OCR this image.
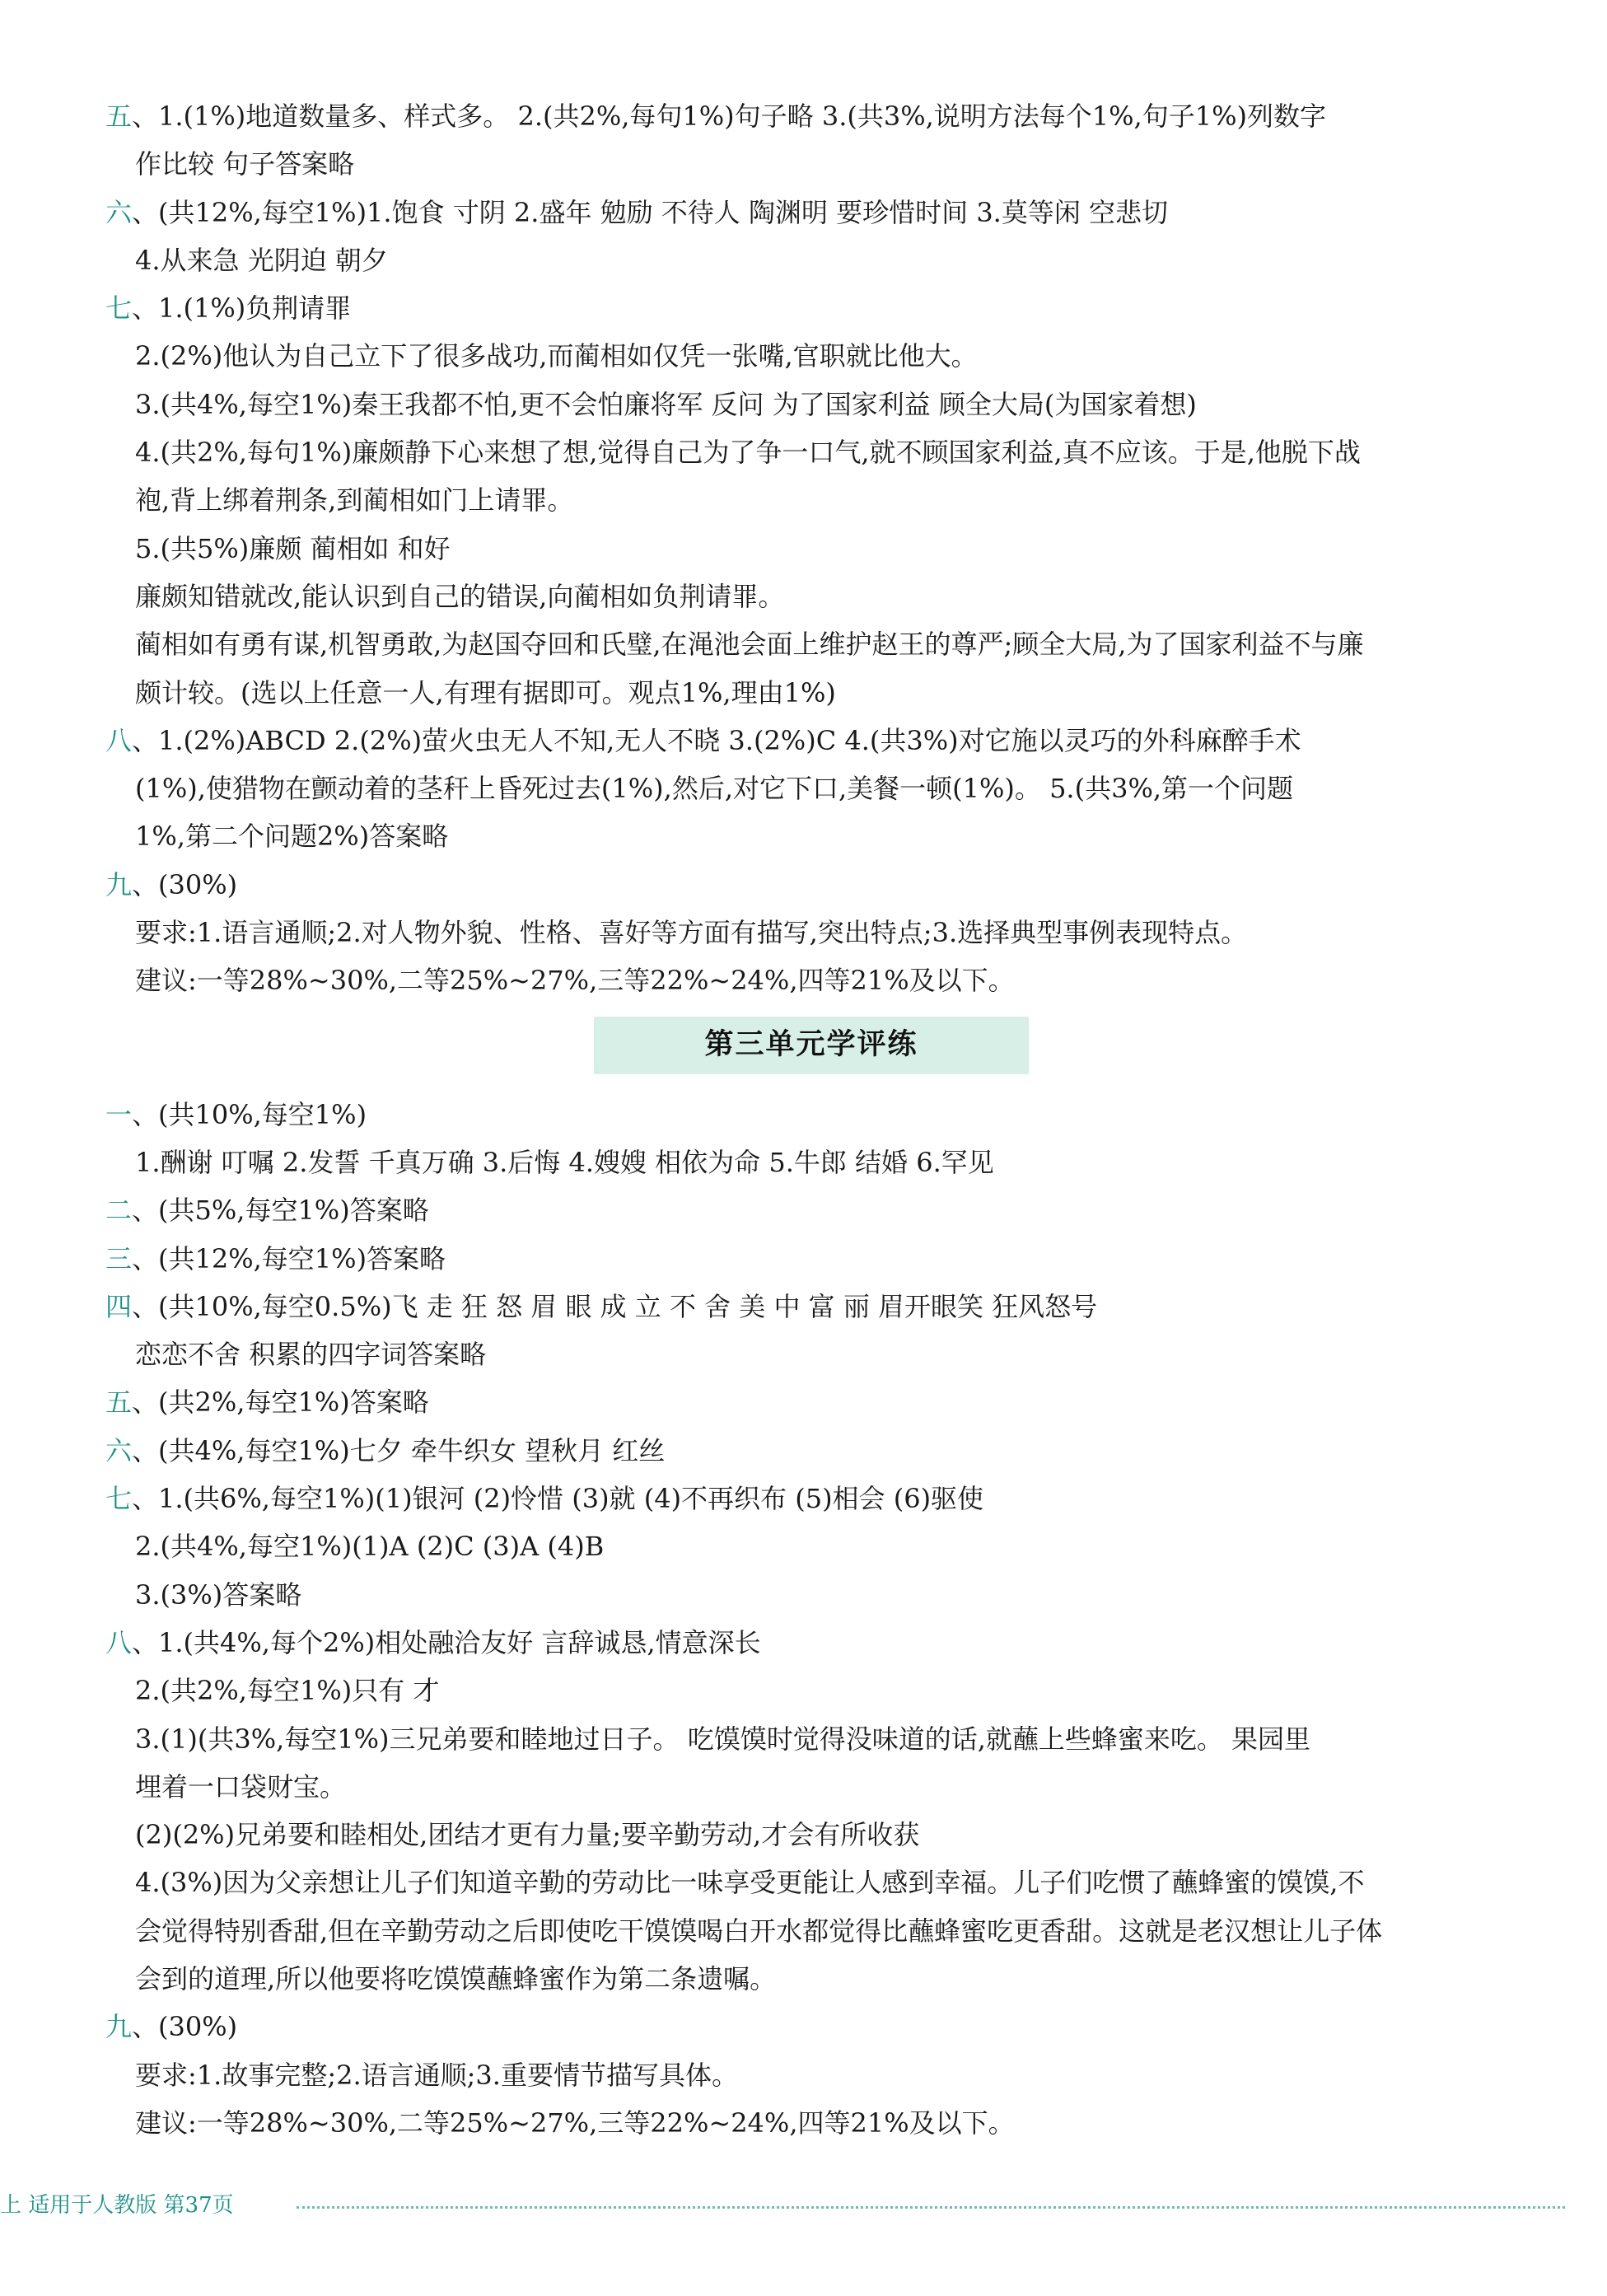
五、1.(1%)地道数量多、样式多。 2.(共2%,每句1%)句子略 3.(共3%,说明方法每个1%,句子1%)列数字
作比较 句子答案略
六、(共12%,每空1%)1.饱食 寸阴 2.盛年 勉励 不待人 陶渊明 要珍惜时间 3.莫等闲 空悲切
4.从来急 光阴迫 朝夕
七、1.(1%)负荆请罪
2.(2%)他认为自己立下了很多战功,而蔺相如仅凭一张嘴,官职就比他大。
3.(共4%,每空1%)秦王我都不怕,更不会怕廉将军 反问 为了国家利益 顾全大局(为国家着想)
4.(共2%,每句1%)廉颇静下心来想了想,觉得自己为了争一口气,就不顾国家利益,真不应该。于是,他脱下战
袍,背上绑着荆条,到蔺相如门上请罪。
5.(共5%)廉颇 蔺相如 和好
廉颇知错就改,能认识到自己的错误,向蔺相如负荆请罪。
蔺相如有勇有谋,机智勇敢,为赵国夺回和氏璧,在渑池会面上维护赵王的尊严;顾全大局,为了国家利益不与廉
颇计较。(选以上任意一人,有理有据即可。观点1%,理由1%)
八、1.(2%)ABCD 2.(2%)萤火虫无人不知,无人不晓 3.(2%)C 4.(共3%)对它施以灵巧的外科麻醉手术
(1%),使猎物在颤动着的茎秆上昏死过去(1%),然后,对它下口,美餐一顿(1%)。 5.(共3%,第一个问题
1%,第二个问题2%)答案略
九、(30%)
要求:1.语言通顺;2.对人物外貌、性格、喜好等方面有描写,突出特点;3.选择典型事例表现特点。
建议:一等28%~30%,二等25%~27%,三等22%~24%,四等21%及以下。
第三单元学评练
一、(共10%,每空1%)
1.酬谢 叮嘱 2.发誓 千真万确 3.后悔 4.嫂嫂 相依为命 5.牛郎 结婚 6.罕见
二、(共5%,每空1%)答案略
三、(共12%,每空1%)答案略
四、(共10%,每空0.5%)飞 走 狂 怒 眉 眼 成 立 不 舍 美 中 富 丽 眉开眼笑 狂风怒号
恋恋不舍 积累的四字词答案略
五、(共2%,每空1%)答案略
六、(共4%,每空1%)七夕 牵牛织女 望秋月 红丝
七、1.(共6%,每空1%)(1)银河 (2)怜惜 (3)就 (4)不再织布 (5)相会 (6)驱使
2.(共4%,每空1%)(1)A (2)C (3)A (4)B
3.(3%)答案略
八、1.(共4%,每个2%)相处融洽友好 言辞诚恳,情意深长
2.(共2%,每空1%)只有 才
3.(1)(共3%,每空1%)三兄弟要和睦地过日子。 吃馍馍时觉得没味道的话,就蘸上些蜂蜜来吃。 果园里
埋着一口袋财宝。
(2)(2%)兄弟要和睦相处,团结才更有力量;要辛勤劳动,才会有所收获
4.(3%)因为父亲想让儿子们知道辛勤的劳动比一味享受更能让人感到幸福。儿子们吃惯了蘸蜂蜜的馍馍,不
会觉得特别香甜,但在辛勤劳动之后即使吃干馍馍喝白开水都觉得比蘸蜂蜜吃更香甜。这就是老汉想让儿子体
会到的道理,所以他要将吃馍馍蘸蜂蜜作为第二条遗嘱。
九、(30%)
要求:1.故事完整;2.语言通顺;3.重要情节描写具体。
建议:一等28%~30%,二等25%~27%,三等22%~24%,四等21%及以下。
上 适用于人教版 第37页
